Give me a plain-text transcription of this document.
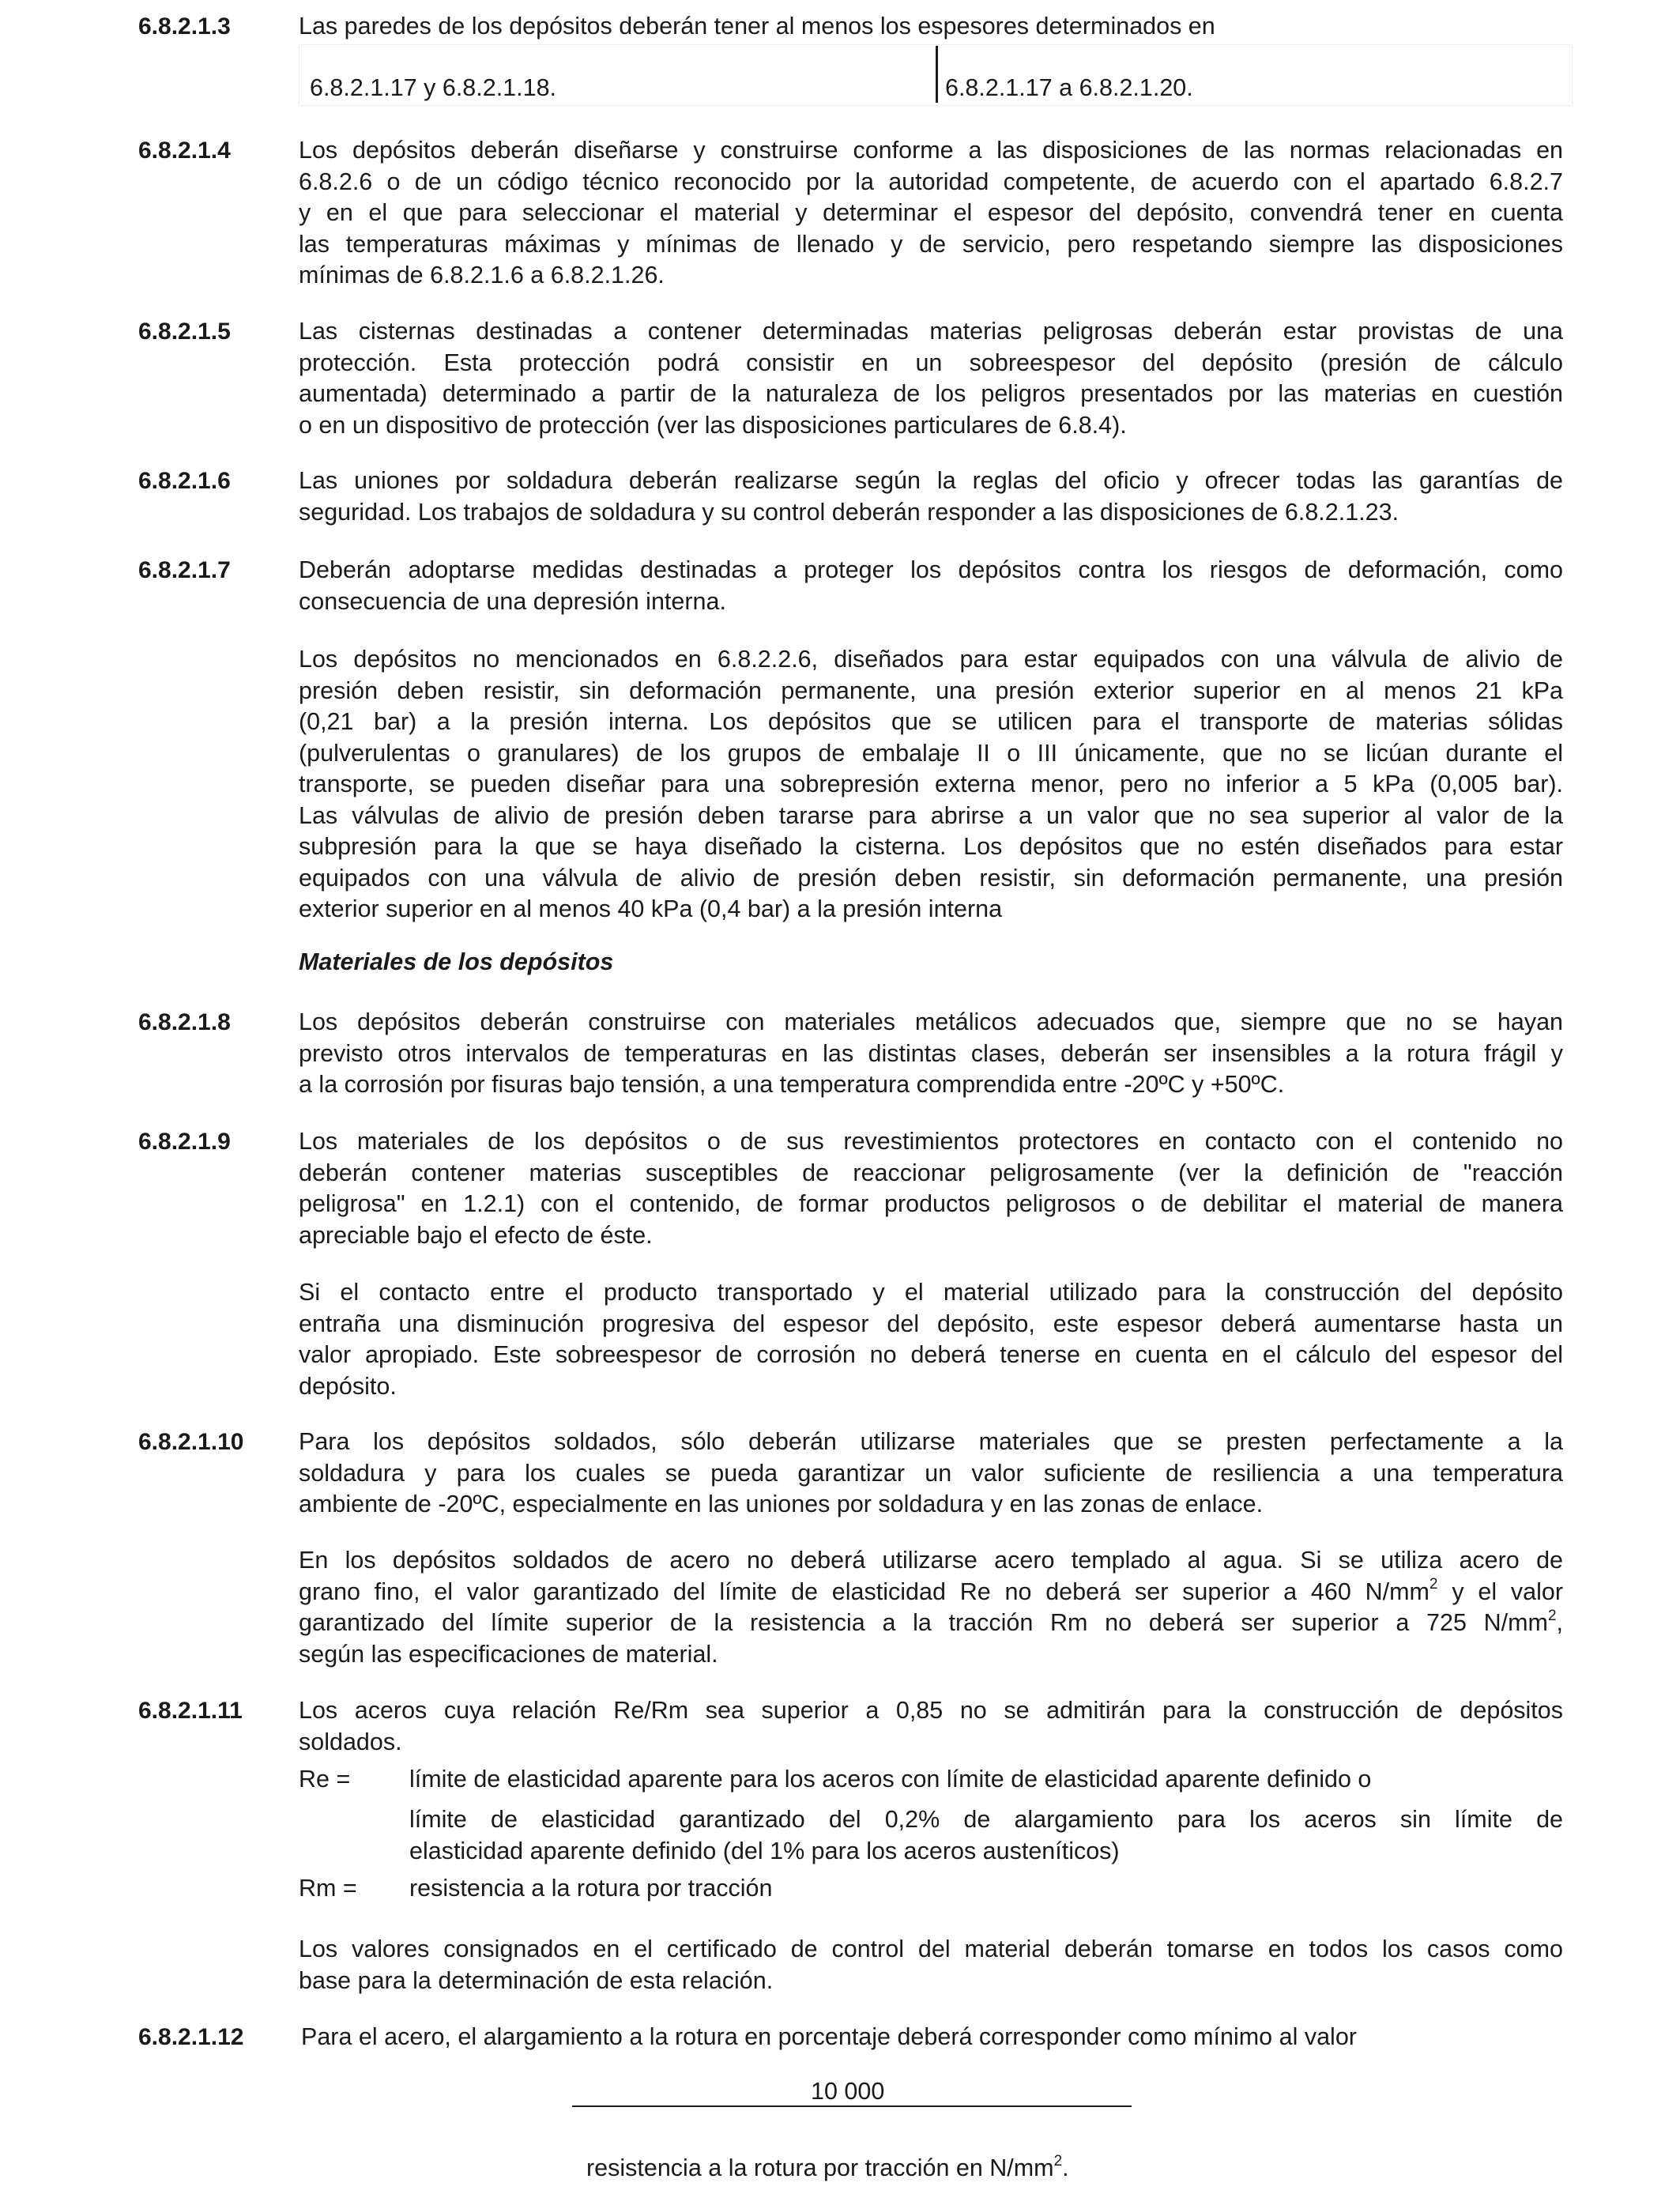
6.8.2.1.3	Las paredes de los depósitos deberán tener al menos los espesores determinados en
6.8.2.1.17 y 6.8.2.1.18.	6.8.2.1.17 a 6.8.2.1.20.
6.8.2.1.4	Los depósitos deberán diseñarse y construirse conforme a las disposiciones de las normas relacionadas en
6.8.2.6 o de un código técnico reconocido por la autoridad competente, de acuerdo con el apartado 6.8.2.7
y en el que para seleccionar el material y determinar el espesor del depósito, convendrá tener en cuenta
las temperaturas máximas y mínimas de llenado y de servicio, pero respetando siempre las disposiciones
mínimas de 6.8.2.1.6 a 6.8.2.1.26.
6.8.2.1.5	Las cisternas destinadas a contener determinadas materias peligrosas deberán estar provistas de una
protección. Esta protección podrá consistir en un sobreespesor del depósito (presión de cálculo
aumentada) determinado a partir de la naturaleza de los peligros presentados por las materias en cuestión
o en un dispositivo de protección (ver las disposiciones particulares de 6.8.4).
6.8.2.1.6	Las uniones por soldadura deberán realizarse según la reglas del oficio y ofrecer todas las garantías de
seguridad. Los trabajos de soldadura y su control deberán responder a las disposiciones de 6.8.2.1.23.
6.8.2.1.7	Deberán adoptarse medidas destinadas a proteger los depósitos contra los riesgos de deformación, como
consecuencia de una depresión interna.
Los depósitos no mencionados en 6.8.2.2.6, diseñados para estar equipados con una válvula de alivio de
presión deben resistir, sin deformación permanente, una presión exterior superior en al menos 21 kPa
(0,21 bar) a la presión interna. Los depósitos que se utilicen para el transporte de materias sólidas
(pulverulentas o granulares) de los grupos de embalaje II o III únicamente, que no se licúan durante el
transporte, se pueden diseñar para una sobrepresión externa menor, pero no inferior a 5 kPa (0,005 bar).
Las válvulas de alivio de presión deben tararse para abrirse a un valor que no sea superior al valor de la
subpresión para la que se haya diseñado la cisterna. Los depósitos que no estén diseñados para estar
equipados con una válvula de alivio de presión deben resistir, sin deformación permanente, una presión
exterior superior en al menos 40 kPa (0,4 bar) a la presión interna
Materiales de los depósitos
6.8.2.1.8	Los depósitos deberán construirse con materiales metálicos adecuados que, siempre que no se hayan
previsto otros intervalos de temperaturas en las distintas clases, deberán ser insensibles a la rotura frágil y
a la corrosión por fisuras bajo tensión, a una temperatura comprendida entre -20ºC y +50ºC.
6.8.2.1.9	Los materiales de los depósitos o de sus revestimientos protectores en contacto con el contenido no
deberán contener materias susceptibles de reaccionar peligrosamente (ver la definición de "reacción
peligrosa" en 1.2.1) con el contenido, de formar productos peligrosos o de debilitar el material de manera
apreciable bajo el efecto de éste.
Si el contacto entre el producto transportado y el material utilizado para la construcción del depósito
entraña una disminución progresiva del espesor del depósito, este espesor deberá aumentarse hasta un
valor apropiado. Este sobreespesor de corrosión no deberá tenerse en cuenta en el cálculo del espesor del
depósito.
6.8.2.1.10 Para los depósitos soldados, sólo deberán utilizarse materiales que se presten perfectamente a la
soldadura y para los cuales se pueda garantizar un valor suficiente de resiliencia a una temperatura
ambiente de -20ºC, especialmente en las uniones por soldadura y en las zonas de enlace.
En los depósitos soldados de acero no deberá utilizarse acero templado al agua. Si se utiliza acero de
grano fino, el valor garantizado del límite de elasticidad Re no deberá ser superior a 460 $N/mm^2$ y el valor
garantizado del límite superior de la resistencia a la tracción Rm no deberá ser superior a 725 $N/mm^2$,
según las especificaciones de material.
6.8.2.1.11 Los aceros cuya relación Re/Rm sea superior a 0,85 no se admitirán para la construcción de depósitos
soldados.
Re = límite de elasticidad aparente para los aceros con límite de elasticidad aparente definido o
límite de elasticidad garantizado del 0,2% de alargamiento para los aceros sin límite de
elasticidad aparente definido (del 1% para los aceros austeníticos)
Rm = resistencia a la rotura por tracción
Los valores consignados en el certificado de control del material deberán tomarse en todos los casos como
base para la determinación de esta relación.
6.8.2.1.12 Para el acero, el alargamiento a la rotura en porcentaje deberá corresponder como mínimo al valor
10 000
resistencia a la rotura por tracción en $N/mm^2$.
